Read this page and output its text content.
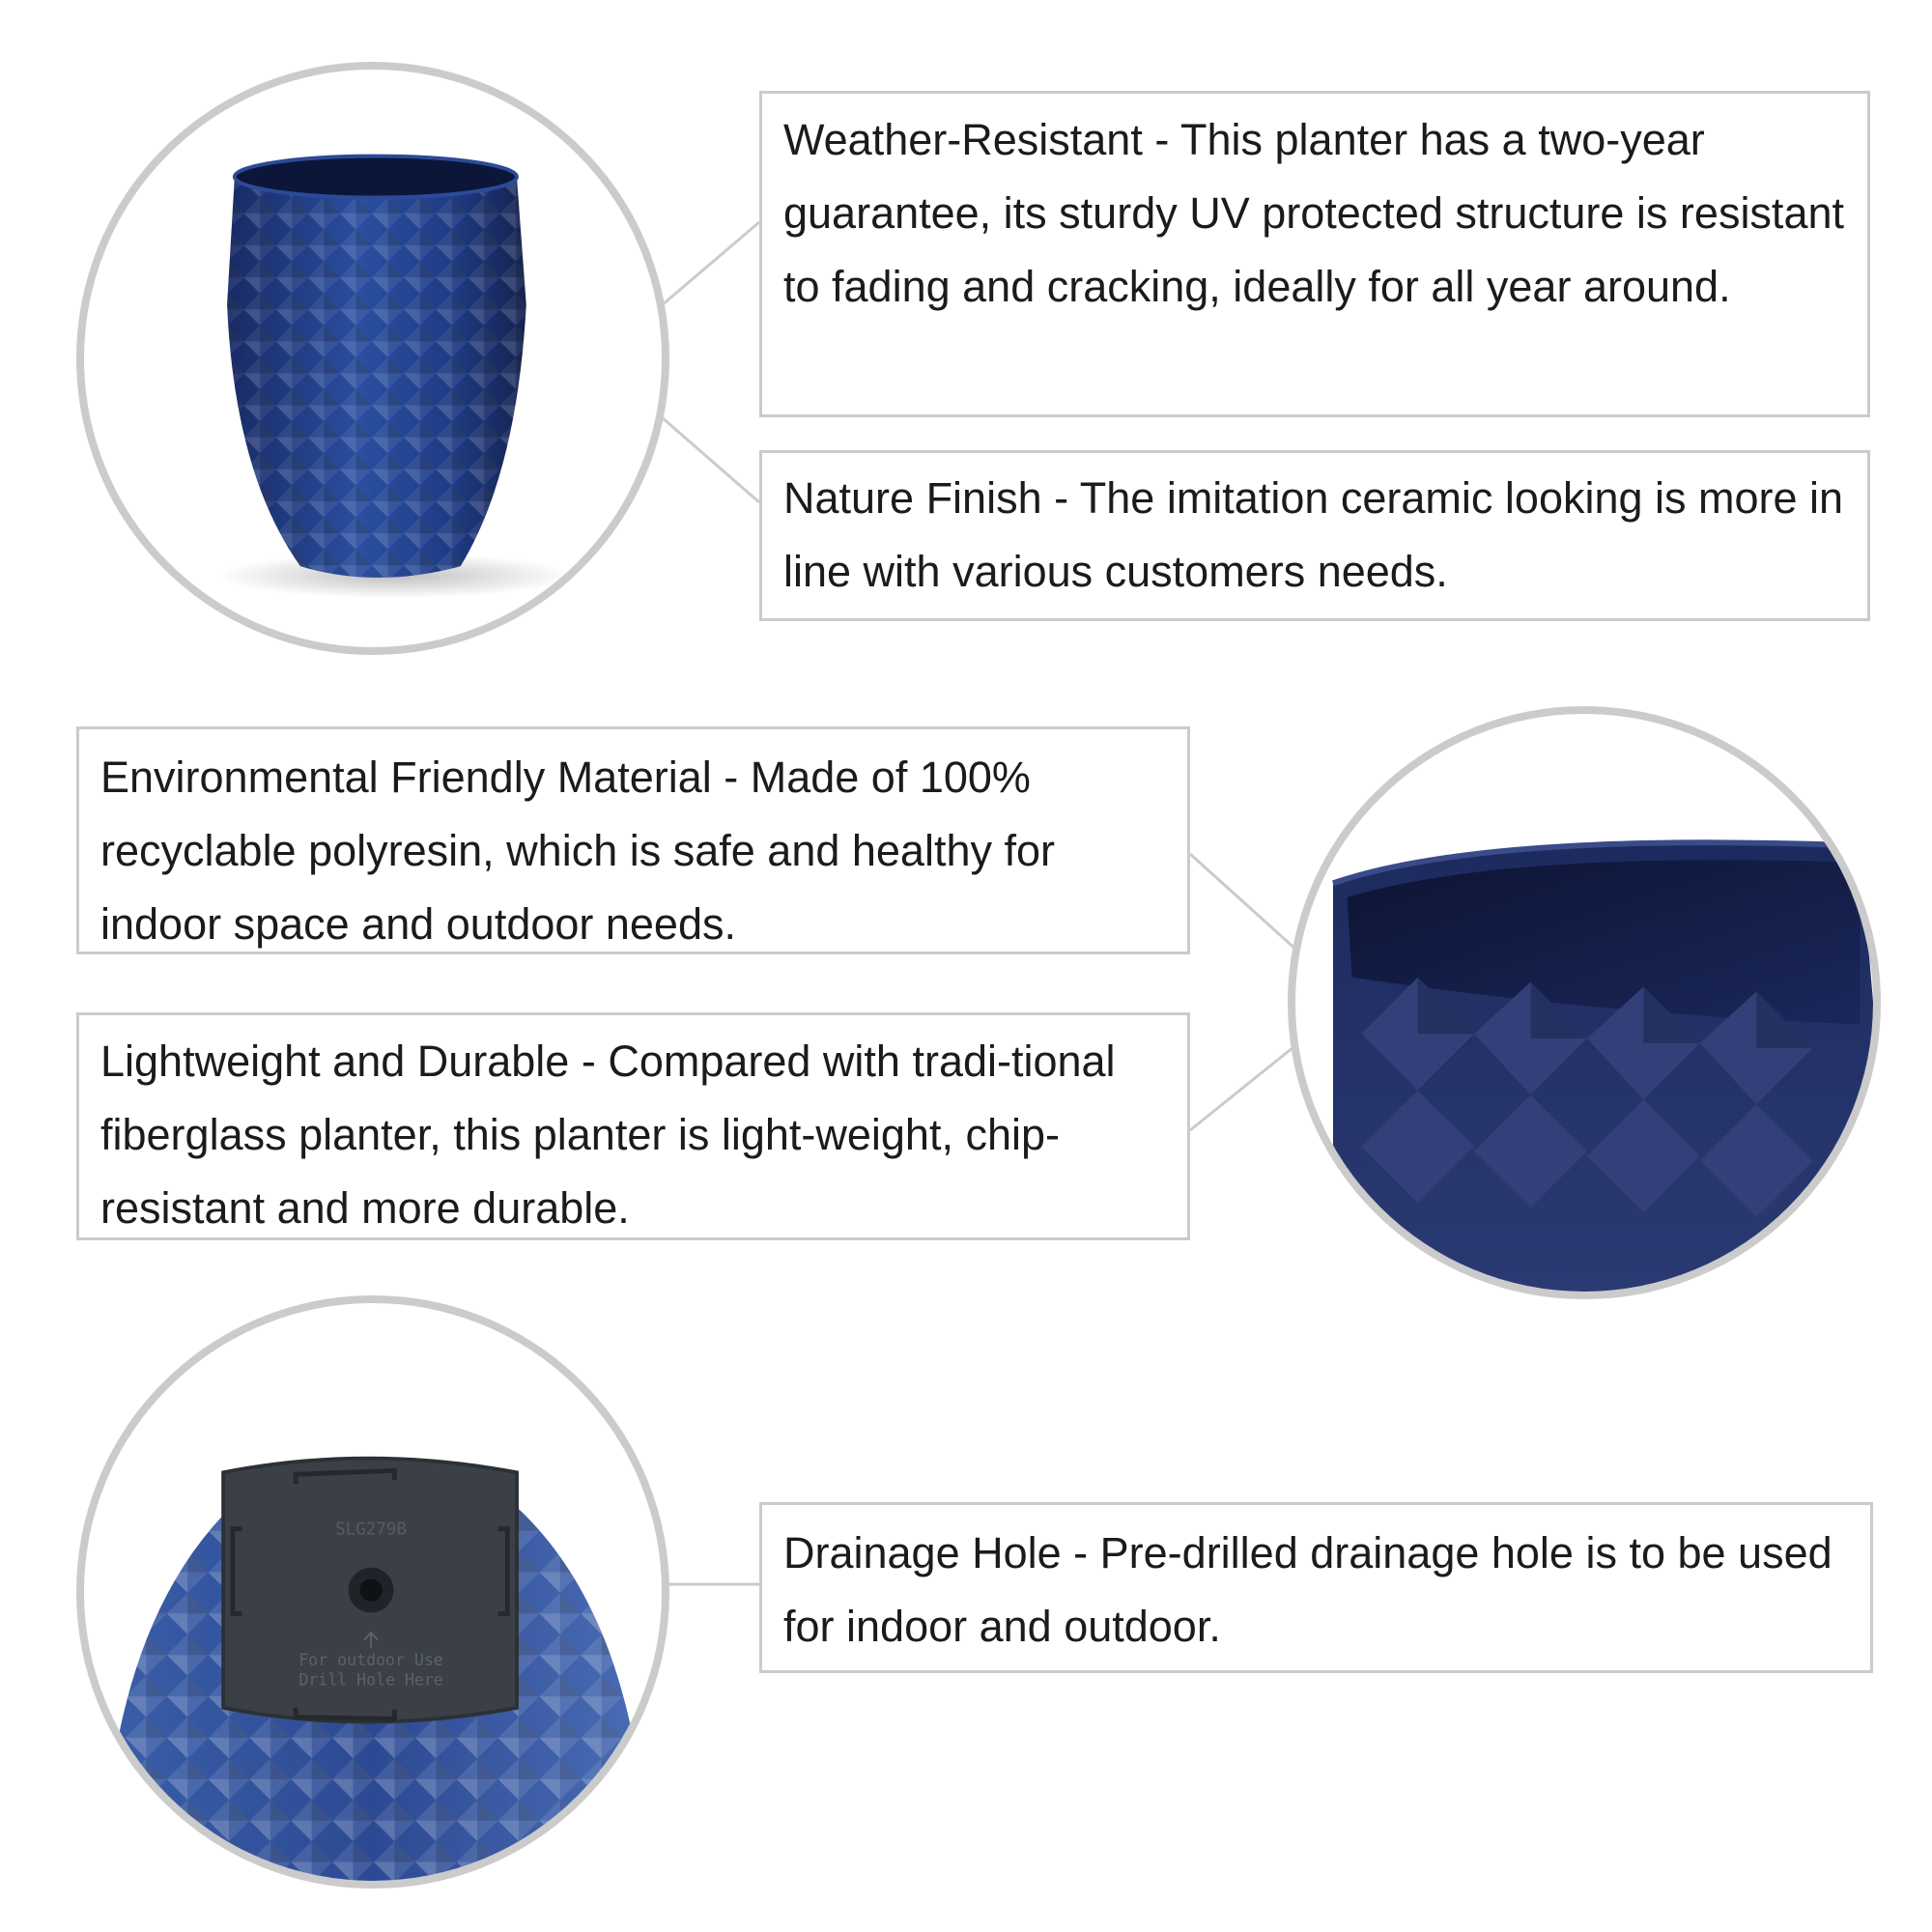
SLG279B
For outdoor Use
Drill Hole Here
Weather-Resistant - This planter has a two-year guarantee, its sturdy UV protected structure is resistant to fading and cracking, ideally for all year around.
Nature Finish - The imitation ceramic looking is more in line with various customers needs.
Environmental Friendly Material - Made of 100% recyclable polyresin, which is safe and healthy for indoor space and outdoor needs.
Lightweight and Durable - Compared with tradi-tional fiberglass planter, this planter is light-weight, chip-resistant and more durable.
Drainage Hole - Pre-drilled drainage hole is to be used for indoor and outdoor.
